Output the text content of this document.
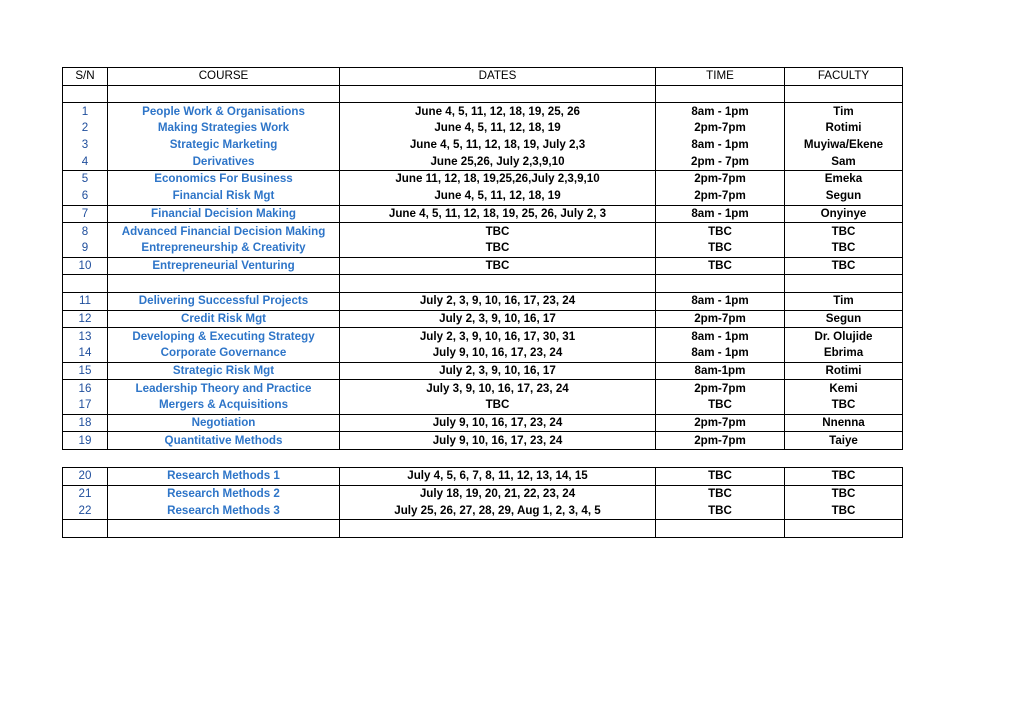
S/N	COURSE	DATES	TIME	FACULTY

1	People Work & Organisations	June 4, 5, 11, 12, 18, 19, 25, 26	8am - 1pm	Tim
2	Making Strategies Work	June 4, 5, 11, 12, 18, 19	2pm-7pm	Rotimi
3	Strategic Marketing	June 4, 5, 11, 12, 18, 19, July 2,3	8am - 1pm	Muyiwa/Ekene
4	Derivatives	June 25,26, July 2,3,9,10	2pm - 7pm	Sam
5	Economics For Business	June 11, 12, 18, 19,25,26,July 2,3,9,10	2pm-7pm	Emeka
6	Financial Risk Mgt	June 4, 5, 11, 12, 18, 19	2pm-7pm	Segun
7	Financial Decision Making	June 4, 5, 11, 12, 18, 19, 25, 26, July 2, 3	8am - 1pm	Onyinye
8	Advanced Financial Decision Making	TBC	TBC	TBC
9	Entrepreneurship & Creativity	TBC	TBC	TBC
10	Entrepreneurial Venturing	TBC	TBC	TBC

11	Delivering Successful Projects	July 2, 3, 9, 10, 16, 17, 23, 24	8am - 1pm	Tim
12	Credit Risk Mgt	July 2, 3, 9, 10, 16, 17	2pm-7pm	Segun
13	Developing & Executing Strategy	July 2, 3, 9, 10, 16, 17, 30, 31	8am - 1pm	Dr. Olujide
14	Corporate Governance	July 9, 10, 16, 17, 23, 24	8am - 1pm	Ebrima
15	Strategic Risk Mgt	July 2, 3, 9, 10, 16, 17	8am-1pm	Rotimi
16	Leadership Theory and Practice	July 3, 9, 10, 16, 17, 23, 24	2pm-7pm	Kemi
17	Mergers & Acquisitions	TBC	TBC	TBC
18	Negotiation	July 9, 10, 16, 17, 23, 24	2pm-7pm	Nnenna
19	Quantitative Methods	July 9, 10, 16, 17, 23, 24	2pm-7pm	Taiye
20	Research Methods 1	July 4, 5, 6, 7, 8, 11, 12, 13, 14, 15	TBC	TBC
21	Research Methods 2	July 18, 19, 20, 21, 22, 23, 24	TBC	TBC
22	Research Methods 3	July 25, 26, 27, 28, 29, Aug 1, 2, 3, 4, 5	TBC	TBC
